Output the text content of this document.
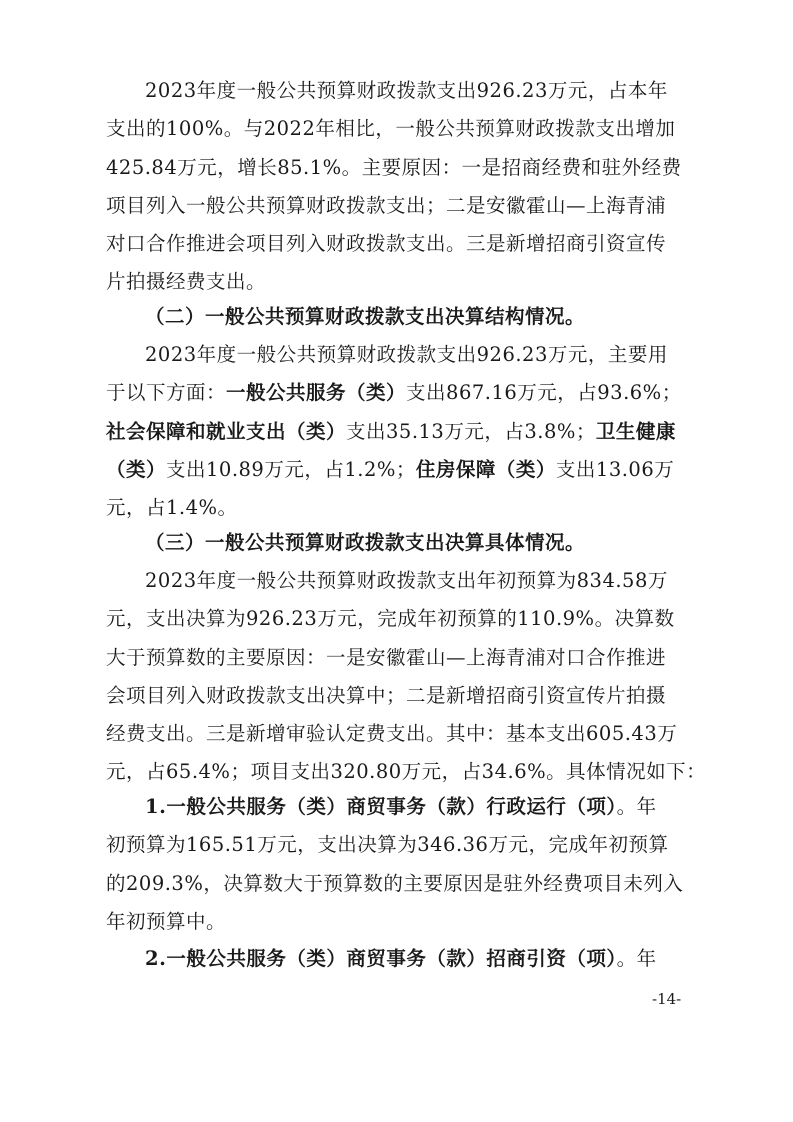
2023年度一般公共预算财政拨款支出926.23万元，占本年
支出的100%。与2022年相比，一般公共预算财政拨款支出增加
425.84万元，增长85.1%。主要原因：一是招商经费和驻外经费
项目列入一般公共预算财政拨款支出；二是安徽霍山—上海青浦
对口合作推进会项目列入财政拨款支出。三是新增招商引资宣传
片拍摄经费支出。
（二）一般公共预算财政拨款支出决算结构情况。
2023年度一般公共预算财政拨款支出926.23万元，主要用
于以下方面：一般公共服务（类）支出867.16万元，占93.6%；
社会保障和就业支出（类）支出35.13万元，占3.8%；卫生健康
（类）支出10.89万元，占1.2%；住房保障（类）支出13.06万
元，占1.4%。
（三）一般公共预算财政拨款支出决算具体情况。
2023年度一般公共预算财政拨款支出年初预算为834.58万
元，支出决算为926.23万元，完成年初预算的110.9%。决算数
大于预算数的主要原因：一是安徽霍山—上海青浦对口合作推进
会项目列入财政拨款支出决算中；二是新增招商引资宣传片拍摄
经费支出。三是新增审验认定费支出。其中：基本支出605.43万
元，占65.4%；项目支出320.80万元，占34.6%。具体情况如下：
1.一般公共服务（类）商贸事务（款）行政运行（项）。年
初预算为165.51万元，支出决算为346.36万元，完成年初预算
的209.3%，决算数大于预算数的主要原因是驻外经费项目未列入
年初预算中。
2.一般公共服务（类）商贸事务（款）招商引资（项）。年
-14-
